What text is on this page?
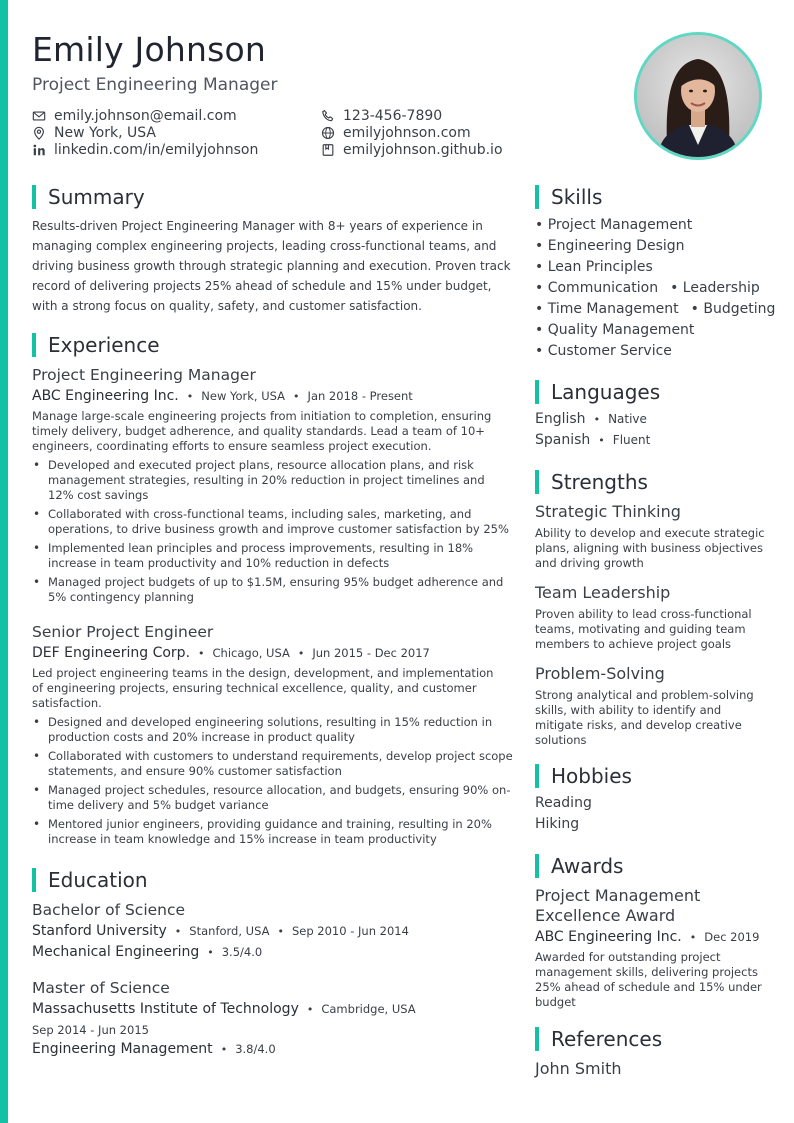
Emily Johnson
Project Engineering Manager
emily.johnson@email.com
New York, USA
linkedin.com/in/emilyjohnson
123-456-7890
emilyjohnson.com
emilyjohnson.github.io
Summary
Results-driven Project Engineering Manager with 8+ years of experience in managing complex engineering projects, leading cross-functional teams, and driving business growth through strategic planning and execution. Proven track record of delivering projects 25% ahead of schedule and 15% under budget, with a strong focus on quality, safety, and customer satisfaction.
Experience
Project Engineering Manager
ABC Engineering Inc. • New York, USA • Jan 2018 - Present
Manage large-scale engineering projects from initiation to completion, ensuring timely delivery, budget adherence, and quality standards. Lead a team of 10+ engineers, coordinating efforts to ensure seamless project execution.
• Developed and executed project plans, resource allocation plans, and risk management strategies, resulting in 20% reduction in project timelines and 12% cost savings
• Collaborated with cross-functional teams, including sales, marketing, and operations, to drive business growth and improve customer satisfaction by 25%
• Implemented lean principles and process improvements, resulting in 18% increase in team productivity and 10% reduction in defects
• Managed project budgets of up to $1.5M, ensuring 95% budget adherence and 5% contingency planning
Senior Project Engineer
DEF Engineering Corp. • Chicago, USA • Jun 2015 - Dec 2017
Led project engineering teams in the design, development, and implementation of engineering projects, ensuring technical excellence, quality, and customer satisfaction.
• Designed and developed engineering solutions, resulting in 15% reduction in production costs and 20% increase in product quality
• Collaborated with customers to understand requirements, develop project scope statements, and ensure 90% customer satisfaction
• Managed project schedules, resource allocation, and budgets, ensuring 90% on-time delivery and 5% budget variance
• Mentored junior engineers, providing guidance and training, resulting in 20% increase in team knowledge and 15% increase in team productivity
Education
Bachelor of Science
Stanford University • Stanford, USA • Sep 2010 - Jun 2014
Mechanical Engineering • 3.5/4.0
Master of Science
Massachusetts Institute of Technology • Cambridge, USA
Sep 2014 - Jun 2015
Engineering Management • 3.8/4.0
Skills
• Project Management
• Engineering Design
• Lean Principles
• Communication • Leadership
• Time Management • Budgeting
• Quality Management
• Customer Service
Languages
English • Native
Spanish • Fluent
Strengths
Strategic Thinking
Ability to develop and execute strategic plans, aligning with business objectives and driving growth
Team Leadership
Proven ability to lead cross-functional teams, motivating and guiding team members to achieve project goals
Problem-Solving
Strong analytical and problem-solving skills, with ability to identify and mitigate risks, and develop creative solutions
Hobbies
Reading
Hiking
Awards
Project Management Excellence Award
ABC Engineering Inc. • Dec 2019
Awarded for outstanding project management skills, delivering projects 25% ahead of schedule and 15% under budget
References
John Smith
